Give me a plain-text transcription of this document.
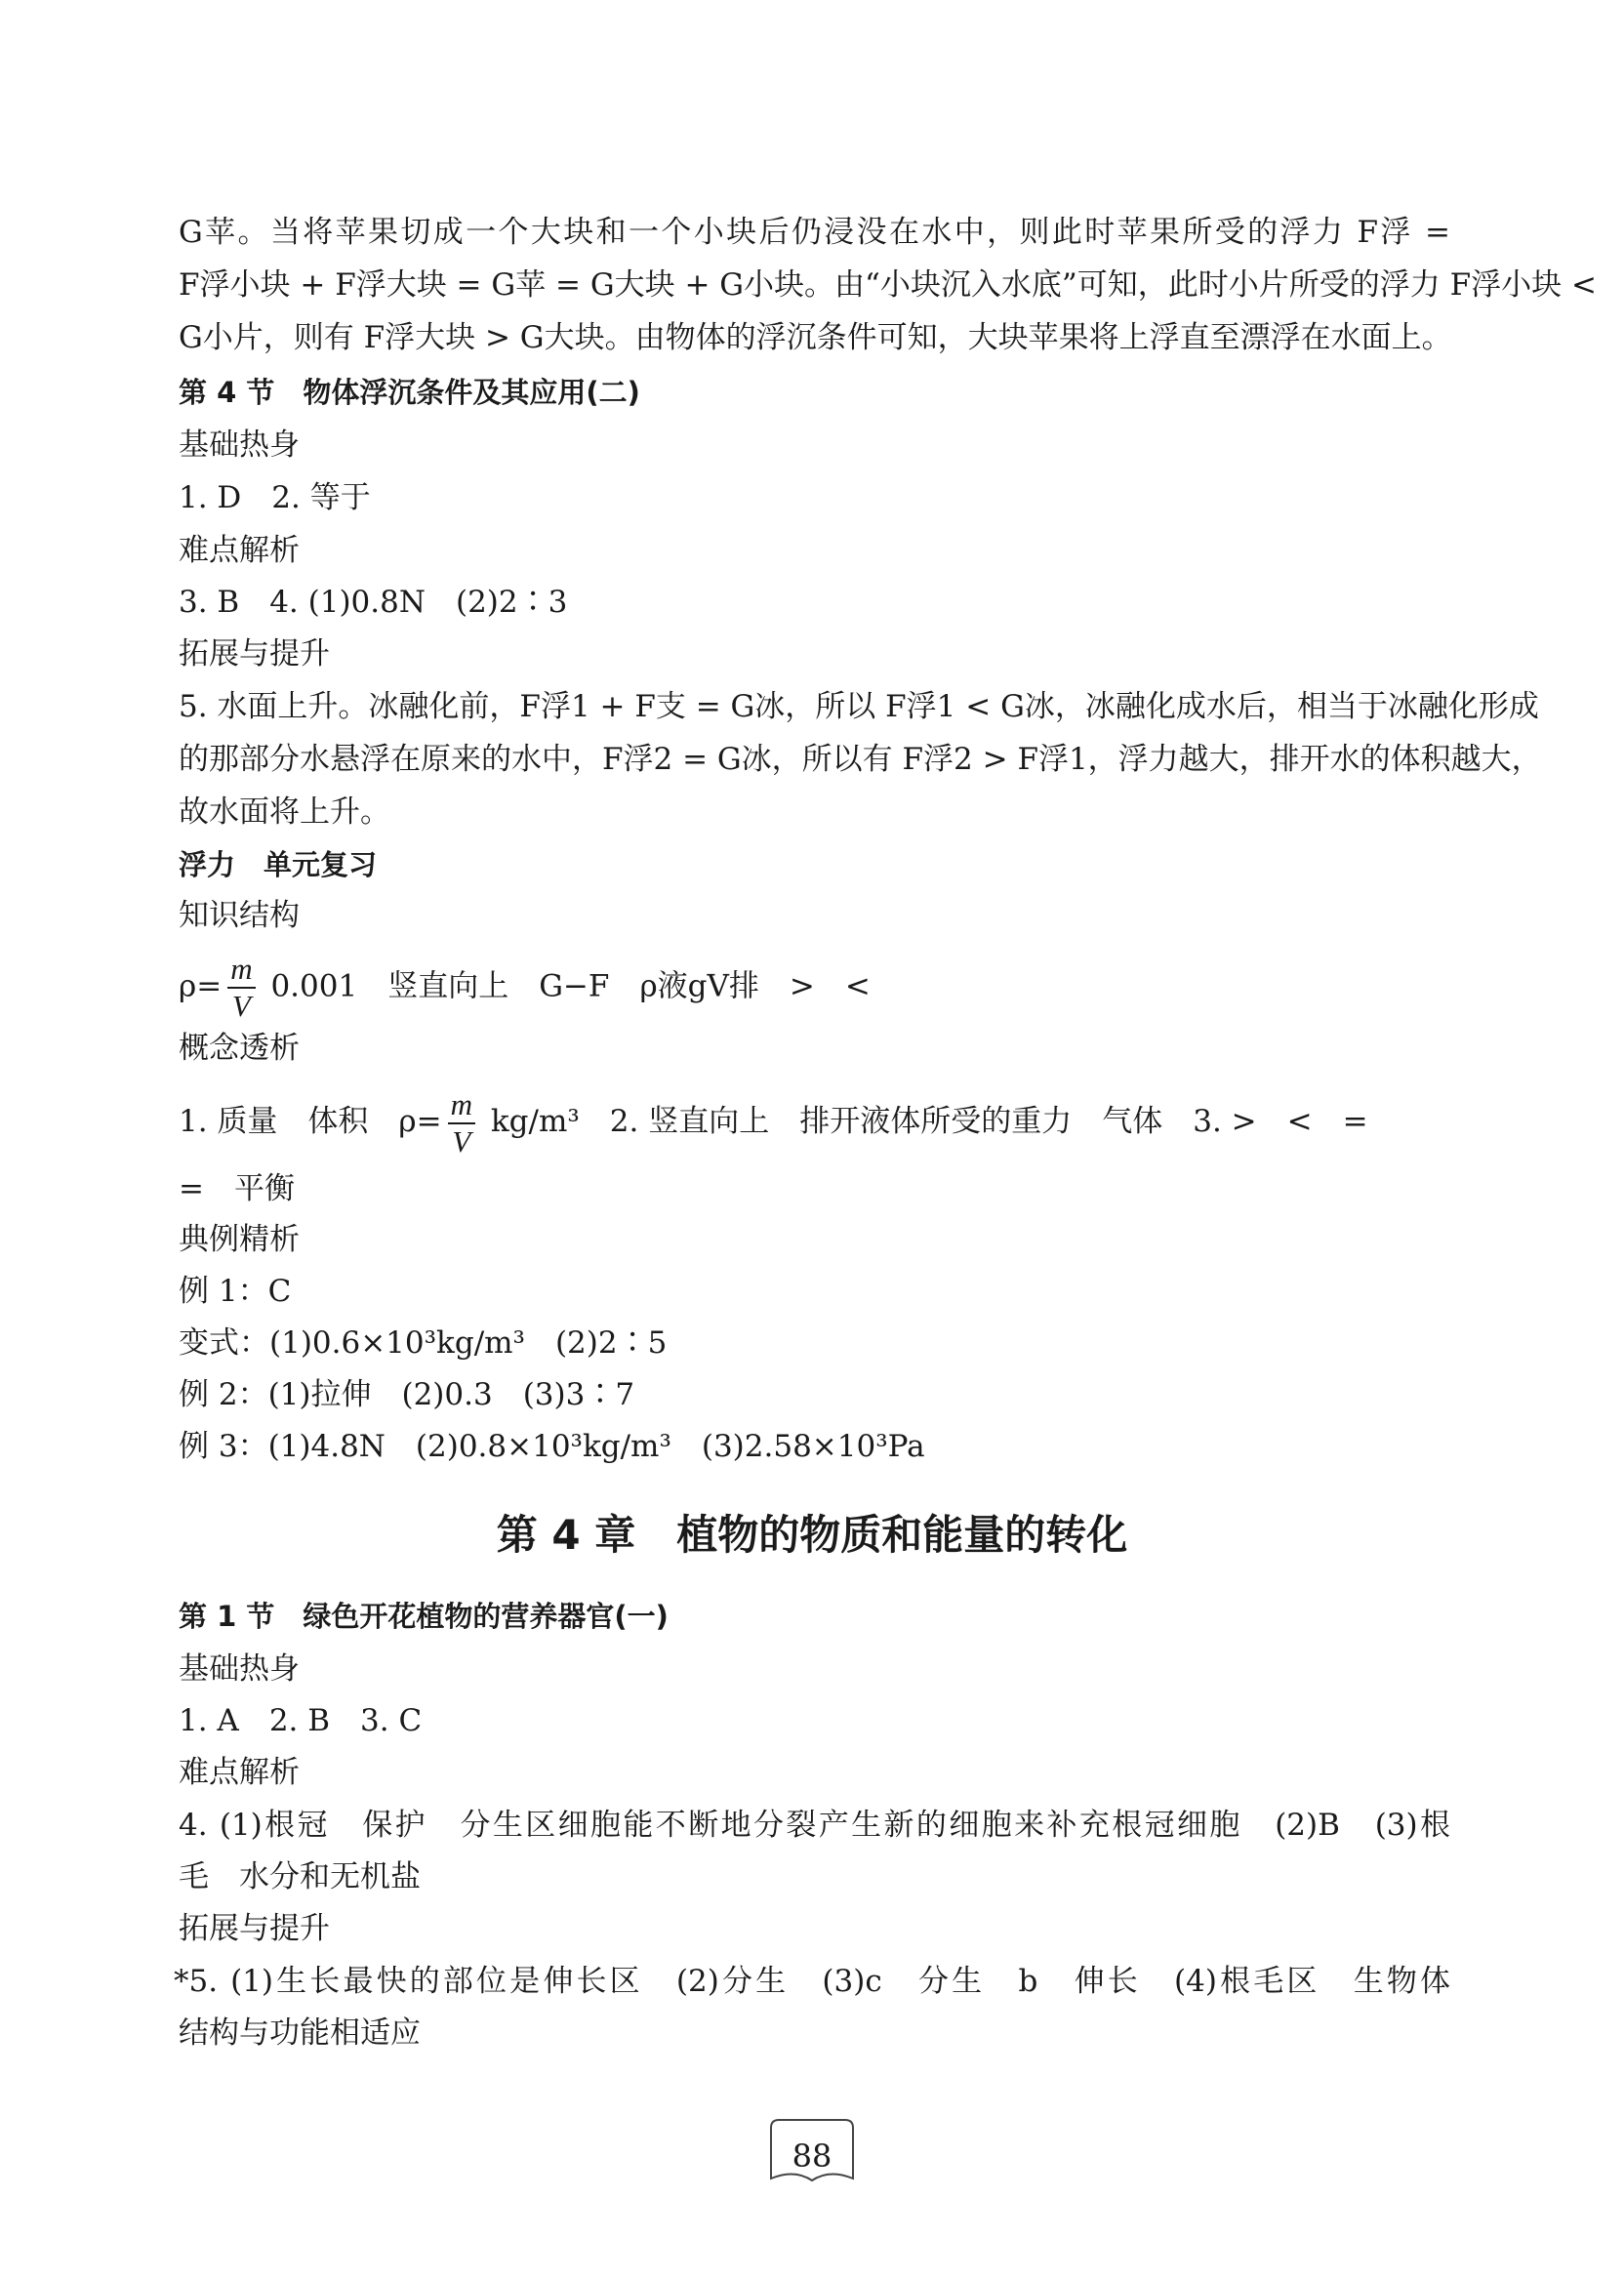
G苹。当将苹果切成一个大块和一个小块后仍浸没在水中，则此时苹果所受的浮力 F浮 =
F浮小块 + F浮大块 = G苹 = G大块 + G小块。由“小块沉入水底”可知，此时小片所受的浮力 F浮小块 <
G小片，则有 F浮大块 > G大块。由物体的浮沉条件可知，大块苹果将上浮直至漂浮在水面上。
第 4 节　物体浮沉条件及其应用(二)
基础热身
1. D　2. 等于
难点解析
3. B　4. (1)0.8N　(2)2∶3
拓展与提升
5. 水面上升。冰融化前，F浮1 + F支 = G冰，所以 F浮1 < G冰，冰融化成水后，相当于冰融化形成
的那部分水悬浮在原来的水中，F浮2 = G冰，所以有 F浮2 > F浮1，浮力越大，排开水的体积越大，
故水面将上升。
浮力　单元复习
知识结构
$\rho= \frac{m}{V} 0.001$　竖直向上　G−F　ρ液gV排　>　<
概念透析
1. 质量　体积　$\rho= \frac{m}{V} kg/m^3$　2. 竖直向上　排开液体所受的重力　气体　3. >　<　=
=　平衡
典例精析
例 1：C
变式：(1)0.6×10³kg/m³　(2)2∶5
例 2：(1)拉伸　(2)0.3　(3)3∶7
例 3：(1)4.8N　(2)0.8×10³kg/m³　(3)2.58×10³Pa
第 4 章　植物的物质和能量的转化
第 1 节　绿色开花植物的营养器官(一)
基础热身
1. A　2. B　3. C
难点解析
4. (1)根冠　保护　分生区细胞能不断地分裂产生新的细胞来补充根冠细胞　(2)B　(3)根
毛　水分和无机盐
拓展与提升
*5. (1)生长最快的部位是伸长区　(2)分生　(3)c　分生　b　伸长　(4)根毛区　生物体
结构与功能相适应
88
